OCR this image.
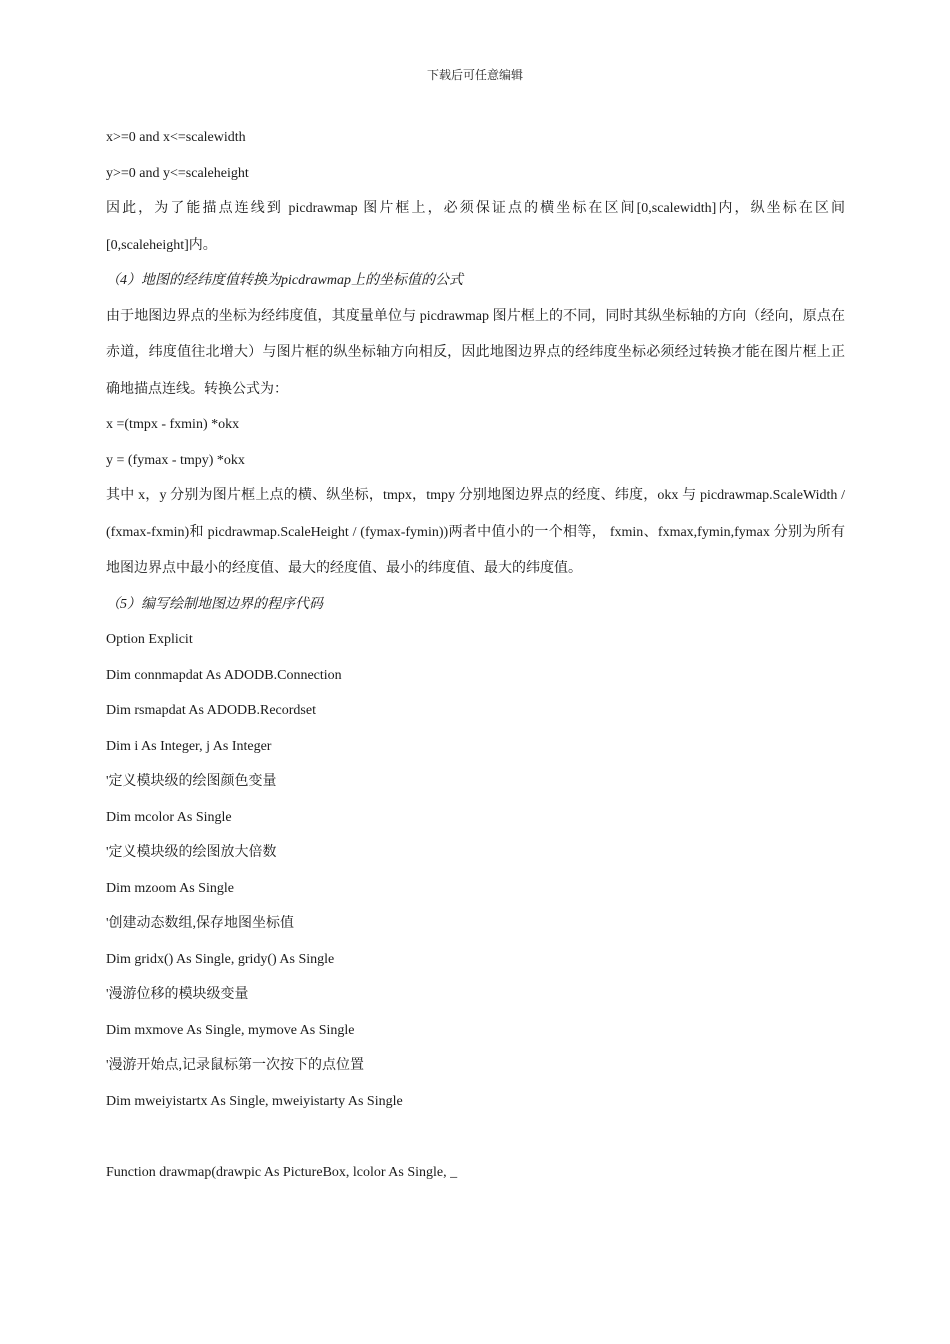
下载后可任意编辑
x>=0 and x<=scalewidth
y>=0 and y<=scaleheight
因此，为了能描点连线到 picdrawmap 图片框上，必须保证点的横坐标在区间[0,scalewidth]内，纵坐标在区间[0,scaleheight]内。
（4）地图的经纬度值转换为picdrawmap上的坐标值的公式
由于地图边界点的坐标为经纬度值，其度量单位与 picdrawmap 图片框上的不同，同时其纵坐标轴的方向（经向，原点在赤道，纬度值往北增大）与图片框的纵坐标轴方向相反，因此地图边界点的经纬度坐标必须经过转换才能在图片框上正确地描点连线。转换公式为：
x =(tmpx - fxmin) *okx
y = (fymax - tmpy) *okx
其中 x，y 分别为图片框上点的横、纵坐标，tmpx，tmpy 分别地图边界点的经度、纬度，okx 与 picdrawmap.ScaleWidth / (fxmax-fxmin)和 picdrawmap.ScaleHeight / (fymax-fymin))两者中值小的一个相等， fxmin、fxmax,fymin,fymax 分别为所有地图边界点中最小的经度值、最大的经度值、最小的纬度值、最大的纬度值。
（5）编写绘制地图边界的程序代码
Option Explicit
Dim connmapdat As ADODB.Connection
Dim rsmapdat As ADODB.Recordset
Dim i As Integer, j As Integer
'定义模块级的绘图颜色变量
Dim mcolor As Single
'定义模块级的绘图放大倍数
Dim mzoom As Single
'创建动态数组,保存地图坐标值
Dim gridx() As Single, gridy() As Single
'漫游位移的模块级变量
Dim mxmove As Single, mymove As Single
'漫游开始点,记录鼠标第一次按下的点位置
Dim mweiyistartx As Single, mweiyistarty As Single
Function drawmap(drawpic As PictureBox, lcolor As Single, _
